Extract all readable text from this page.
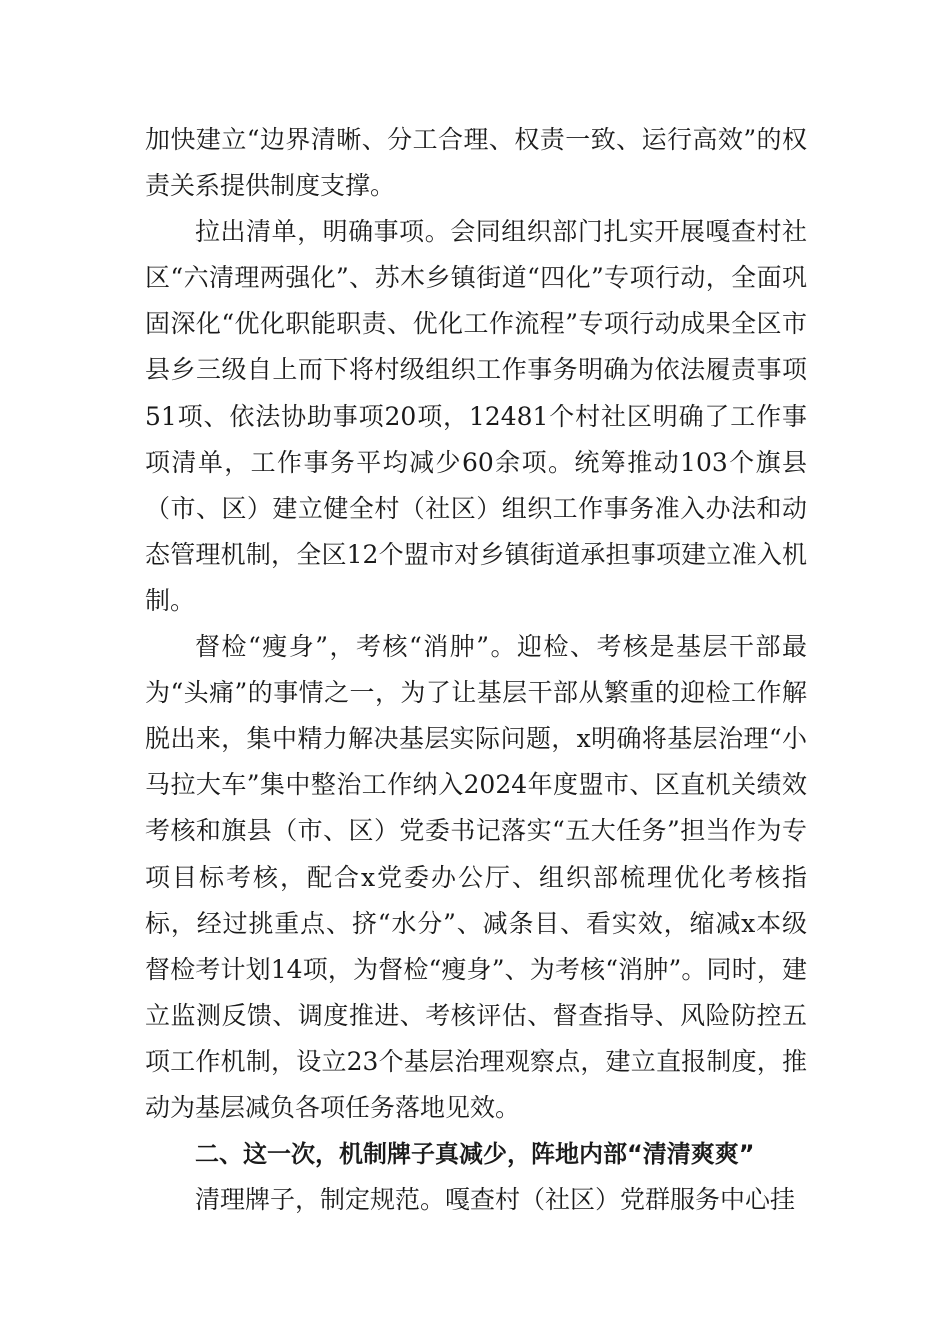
加快建立“边界清晰、分工合理、权责一致、运行高效”的权责关系提供制度支撑。

拉出清单，明确事项。会同组织部门扎实开展嘎查村社区“六清理两强化”、苏木乡镇街道“四化”专项行动，全面巩固深化“优化职能职责、优化工作流程”专项行动成果全区市县乡三级自上而下将村级组织工作事务明确为依法履责事项51项、依法协助事项20项，12481个村社区明确了工作事项清单，工作事务平均减少60余项。统筹推动103个旗县（市、区）建立健全村（社区）组织工作事务准入办法和动态管理机制，全区12个盟市对乡镇街道承担事项建立准入机制。

督检“瘦身”，考核“消肿”。迎检、考核是基层干部最为“头痛”的事情之一，为了让基层干部从繁重的迎检工作解脱出来，集中精力解决基层实际问题，x明确将基层治理“小马拉大车”集中整治工作纳入2024年度盟市、区直机关绩效考核和旗县（市、区）党委书记落实“五大任务”担当作为专项目标考核，配合x党委办公厅、组织部梳理优化考核指标，经过挑重点、挤“水分”、减条目、看实效，缩减x本级督检考计划14项，为督检“瘦身”、为考核“消肿”。同时，建立监测反馈、调度推进、考核评估、督查指导、风险防控五项工作机制，设立23个基层治理观察点，建立直报制度，推动为基层减负各项任务落地见效。

二、这一次，机制牌子真减少，阵地内部“清清爽爽”

清理牌子，制定规范。嘎查村（社区）党群服务中心挂
